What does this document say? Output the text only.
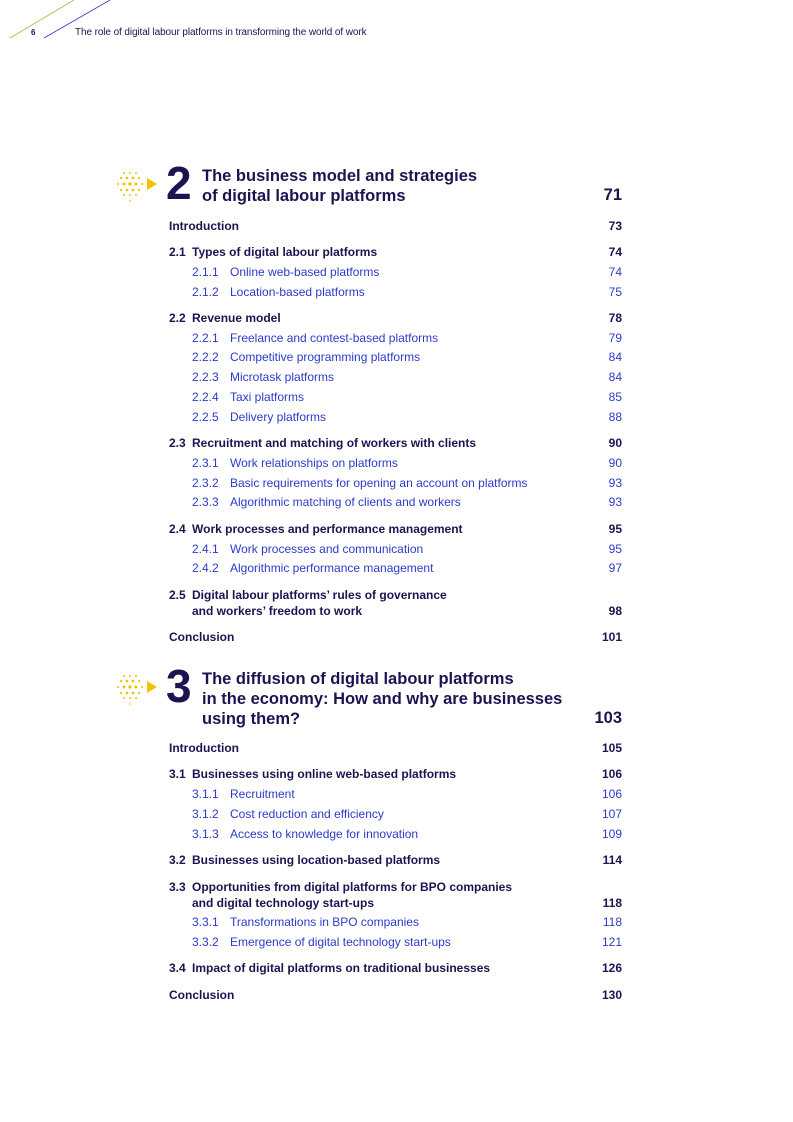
6	The role of digital labour platforms in transforming the world of work
2 The business model and strategies
of digital labour platforms	71
Introduction	73
2.1 Types of digital labour platforms	74
2.1.1 Online web-based platforms	74
2.1.2 Location-based platforms	75
2.2 Revenue model	78
2.2.1 Freelance and contest-based platforms	79
2.2.2 Competitive programming platforms	84
2.2.3 Microtask platforms	84
2.2.4 Taxi platforms	85
2.2.5 Delivery platforms	88
2.3 Recruitment and matching of workers with clients	90
2.3.1 Work relationships on platforms	90
2.3.2 Basic requirements for opening an account on platforms	93
2.3.3 Algorithmic matching of clients and workers	93
2.4 Work processes and performance management	95
2.4.1 Work processes and communication	95
2.4.2 Algorithmic performance management	97
2.5 Digital labour platforms’ rules of governance
and workers’ freedom to work	98
Conclusion	101
3 The diffusion of digital labour platforms
in the economy: How and why are businesses
using them?	103
Introduction	105
3.1 Businesses using online web-based platforms	106
3.1.1 Recruitment	106
3.1.2 Cost reduction and efficiency	107
3.1.3 Access to knowledge for innovation	109
3.2 Businesses using location-based platforms	114
3.3 Opportunities from digital platforms for BPO companies
and digital technology start-ups	118
3.3.1 Transformations in BPO companies	118
3.3.2 Emergence of digital technology start-ups	121
3.4 Impact of digital platforms on traditional businesses	126
Conclusion	130
